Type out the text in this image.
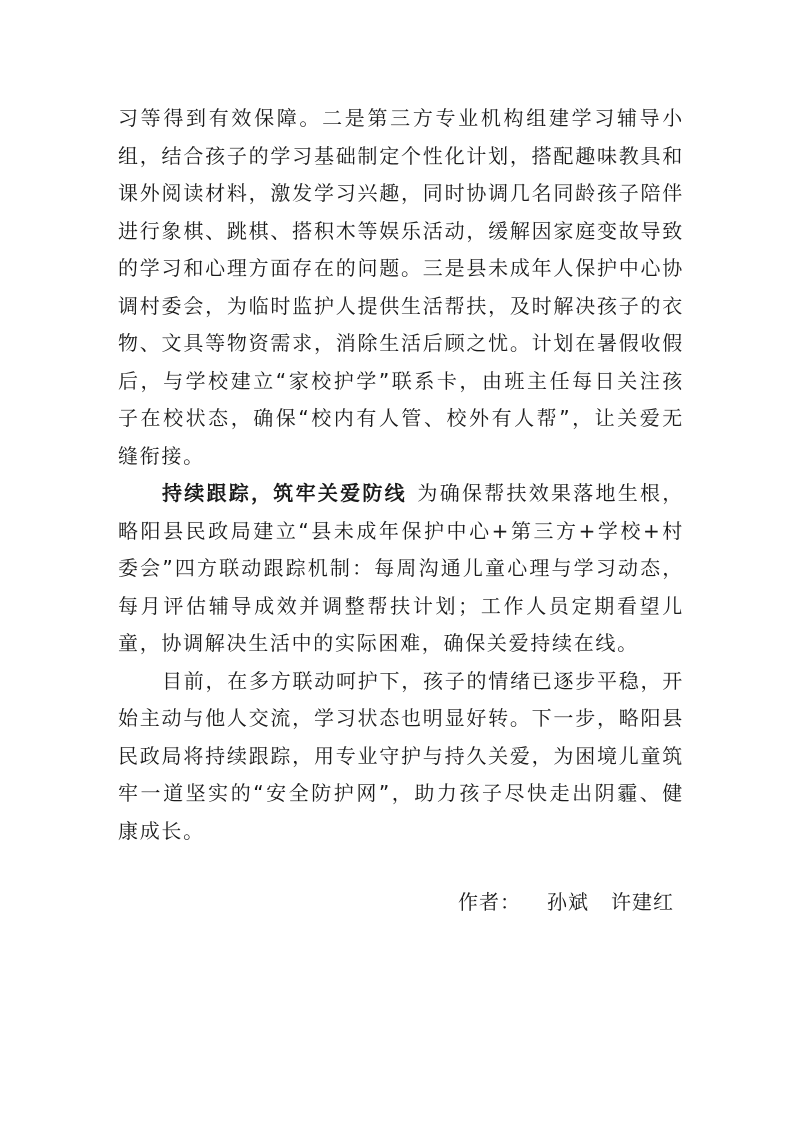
习等得到有效保障。二是第三方专业机构组建学习辅导小组，结合孩子的学习基础制定个性化计划，搭配趣味教具和课外阅读材料，激发学习兴趣，同时协调几名同龄孩子陪伴进行象棋、跳棋、搭积木等娱乐活动，缓解因家庭变故导致的学习和心理方面存在的问题。三是县未成年人保护中心协调村委会，为临时监护人提供生活帮扶，及时解决孩子的衣物、文具等物资需求，消除生活后顾之忧。计划在暑假收假后，与学校建立“家校护学”联系卡，由班主任每日关注孩子在校状态，确保“校内有人管、校外有人帮”，让关爱无缝衔接。

持续跟踪，筑牢关爱防线 为确保帮扶效果落地生根，略阳县民政局建立“县未成年保护中心+第三方+学校+村委会”四方联动跟踪机制：每周沟通儿童心理与学习动态，每月评估辅导成效并调整帮扶计划；工作人员定期看望儿童，协调解决生活中的实际困难，确保关爱持续在线。

目前，在多方联动呵护下，孩子的情绪已逐步平稳，开始主动与他人交流，学习状态也明显好转。下一步，略阳县民政局将持续跟踪，用专业守护与持久关爱，为困境儿童筑牢一道坚实的“安全防护网”，助力孩子尽快走出阴霾、健康成长。

作者： 孙斌 许建红
